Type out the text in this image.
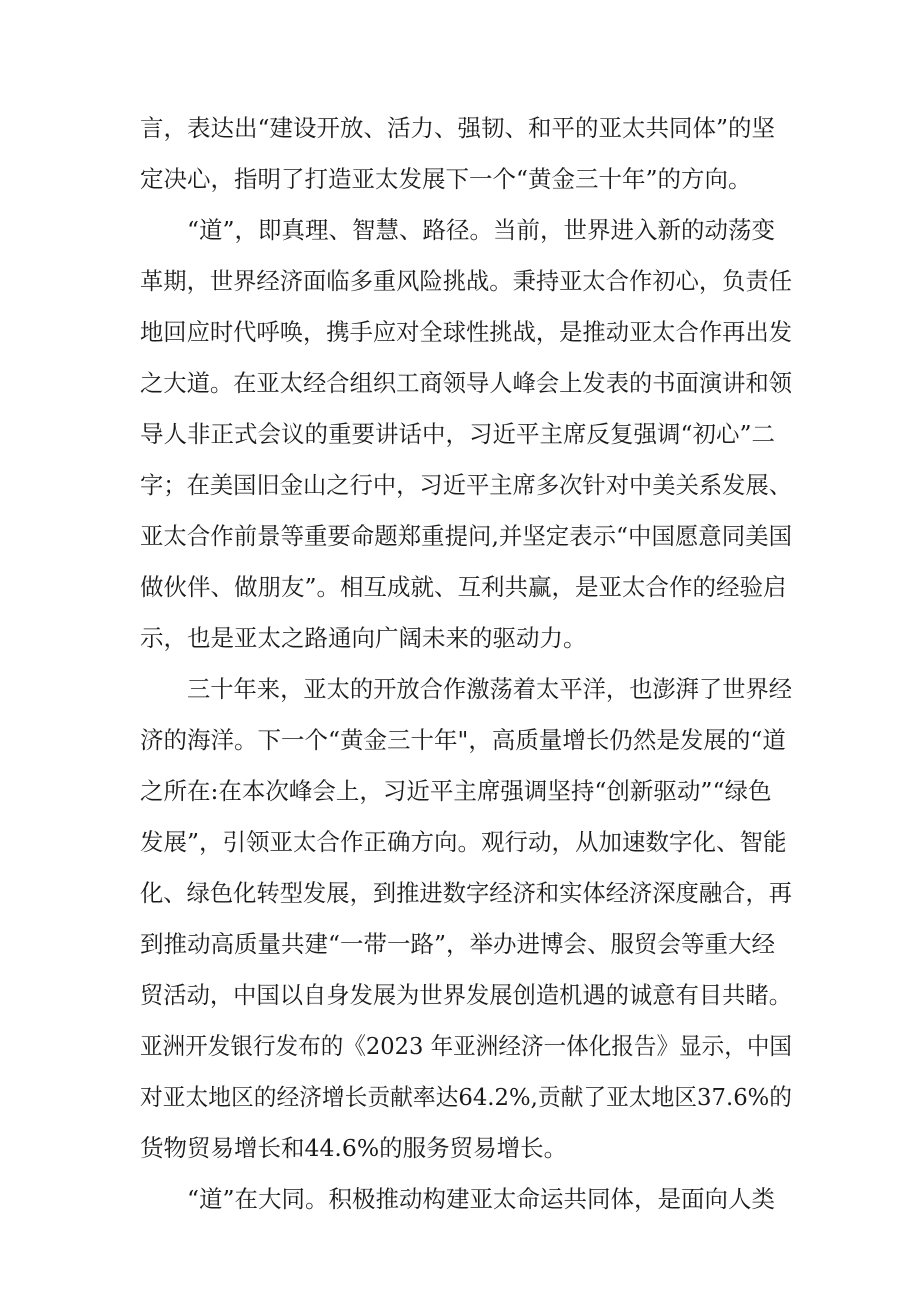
言，表达出“建设开放、活力、强韧、和平的亚太共同体”的坚
定决心，指明了打造亚太发展下一个“黄金三十年”的方向。
“道”，即真理、智慧、路径。当前，世界进入新的动荡变
革期，世界经济面临多重风险挑战。秉持亚太合作初心，负责任
地回应时代呼唤，携手应对全球性挑战，是推动亚太合作再出发
之大道。在亚太经合组织工商领导人峰会上发表的书面演讲和领
导人非正式会议的重要讲话中，习近平主席反复强调“初心”二
字；在美国旧金山之行中，习近平主席多次针对中美关系发展、
亚太合作前景等重要命题郑重提问,并坚定表示“中国愿意同美国
做伙伴、做朋友”。相互成就、互利共赢，是亚太合作的经验启
示，也是亚太之路通向广阔未来的驱动力。
三十年来，亚太的开放合作激荡着太平洋，也澎湃了世界经
济的海洋。下一个“黄金三十年"，高质量增长仍然是发展的“道
之所在:在本次峰会上，习近平主席强调坚持“创新驱动”“绿色
发展”，引领亚太合作正确方向。观行动，从加速数字化、智能
化、绿色化转型发展，到推进数字经济和实体经济深度融合，再
到推动高质量共建“一带一路”，举办进博会、服贸会等重大经
贸活动，中国以自身发展为世界发展创造机遇的诚意有目共睹。
亚洲开发银行发布的《2023 年亚洲经济一体化报告》显示，中国
对亚太地区的经济增长贡献率达64.2%,贡献了亚太地区37.6%的
货物贸易增长和44.6%的服务贸易增长。
“道”在大同。积极推动构建亚太命运共同体，是面向人类
